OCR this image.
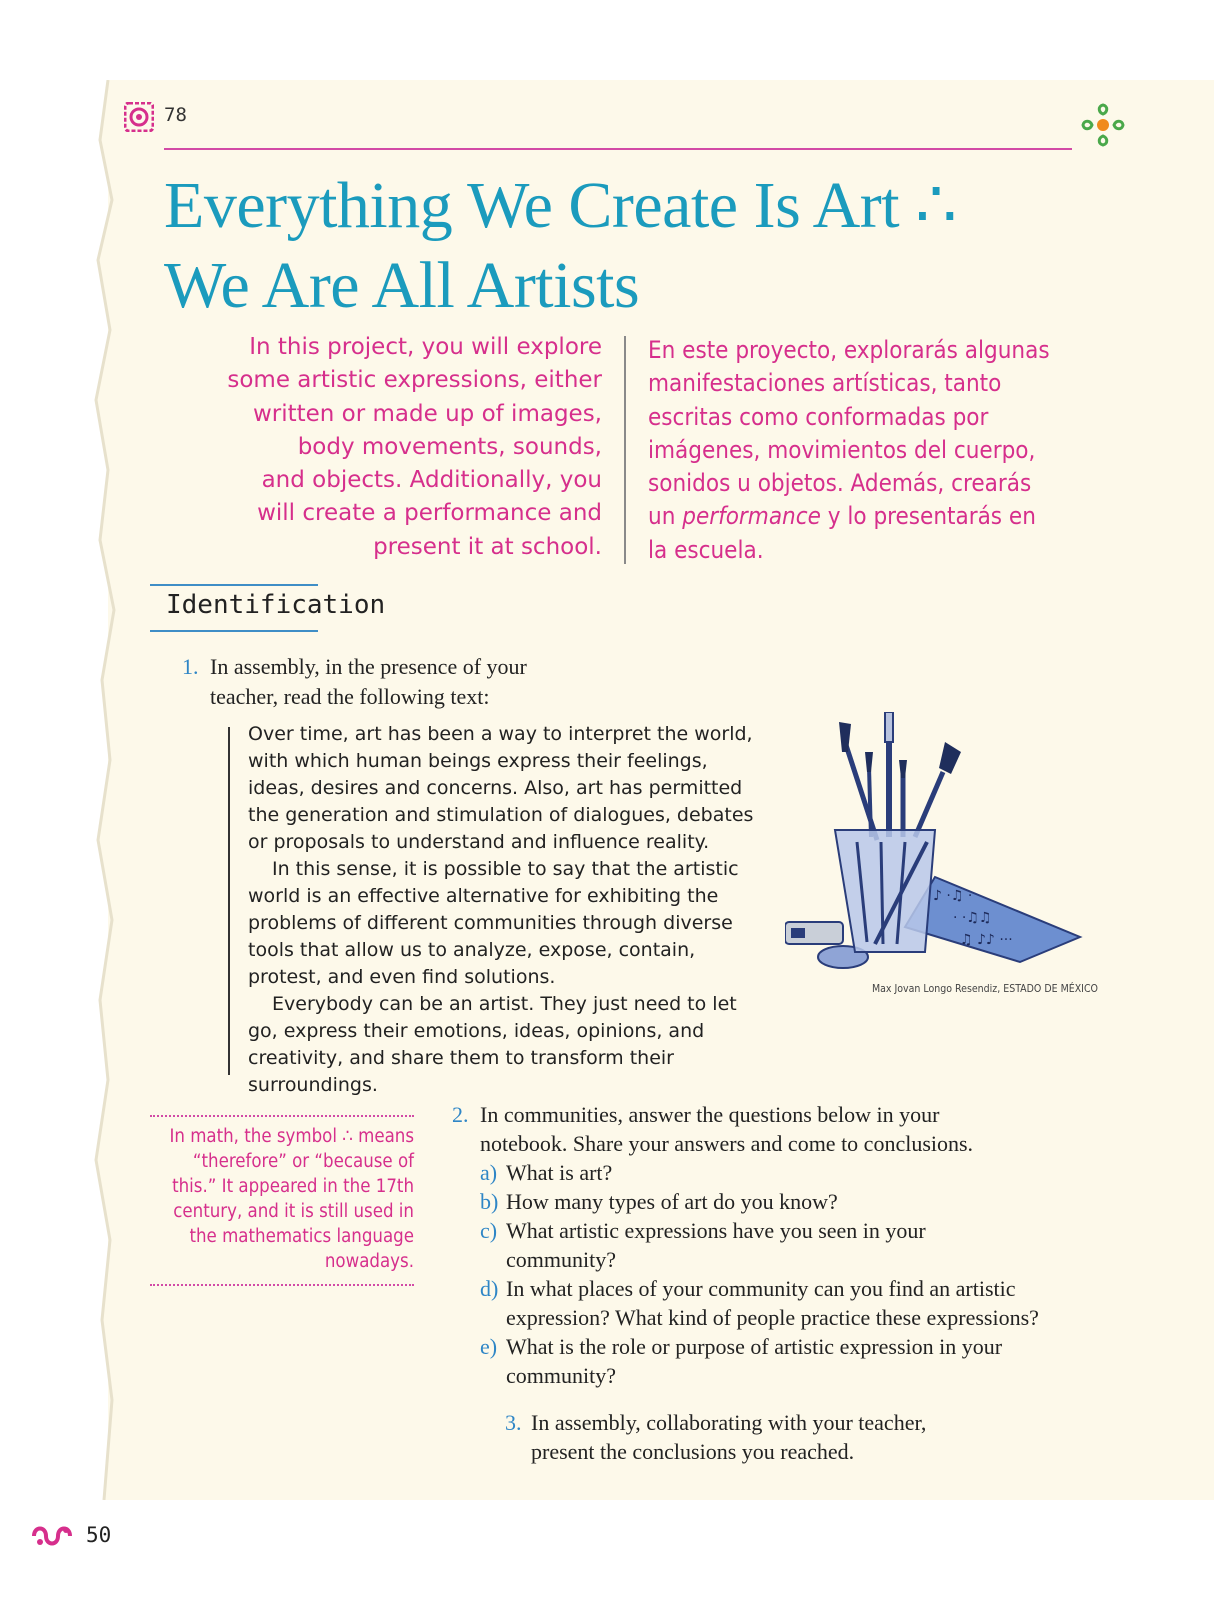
78
Everything We Create Is Art ∴
We Are All Artists
In this project, you will explore
some artistic expressions, either
written or made up of images,
body movements, sounds,
and objects. Additionally, you
will create a performance and
present it at school.
En este proyecto, explorarás algunas
manifestaciones artísticas, tanto
escritas como conformadas por
imágenes, movimientos del cuerpo,
sonidos u objetos. Además, crearás
un performance y lo presentarás en
la escuela.
Identification
1. In assembly, in the presence of your teacher, read the following text:

Over time, art has been a way to interpret the world, with which human beings express their feelings, ideas, desires and concerns. Also, art has permitted the generation and stimulation of dialogues, debates or proposals to understand and influence reality.

In this sense, it is possible to say that the artistic world is an effective alternative for exhibiting the problems of different communities through diverse tools that allow us to analyze, expose, contain, protest, and even find solutions.

Everybody can be an artist. They just need to let go, express their emotions, ideas, opinions, and creativity, and share them to transform their surroundings.

♪ ·♫ ·
· ·♫♫
♫ ♪♪ ···
Max Jovan Longo Resendiz, ESTADO DE MÉXICO
In math, the symbol ∴ means
“therefore” or “because of
this.” It appeared in the 17th
century, and it is still used in
the mathematics language
nowadays.
2. In communities, answer the questions below in your
notebook. Share your answers and come to conclusions.
a) What is art?
b) How many types of art do you know?
c) What artistic expressions have you seen in your
community?
d) In what places of your community can you find an artistic
expression? What kind of people practice these expressions?
e) What is the role or purpose of artistic expression in your
community?
3. In assembly, collaborating with your teacher,
present the conclusions you reached.
50
